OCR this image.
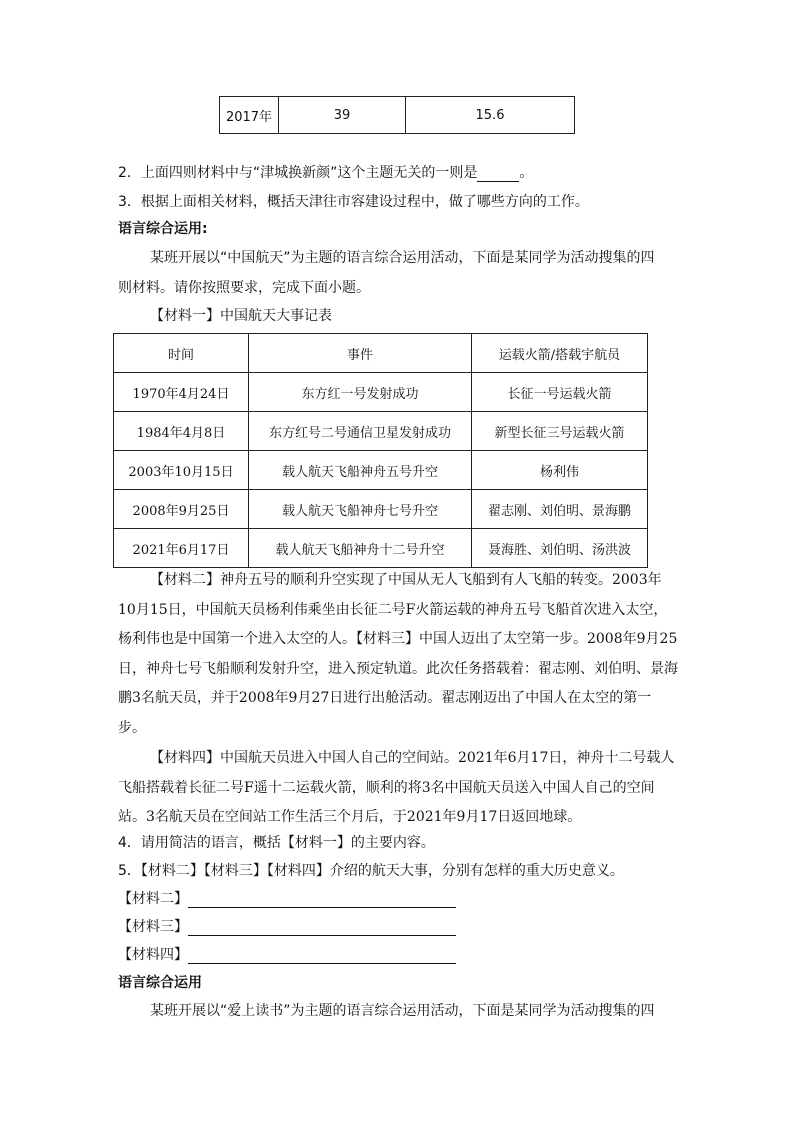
2017年	39	15.6
2．上面四则材料中与“津城换新颜”这个主题无关的一则是	。
3．根据上面相关材料，概括天津往市容建设过程中，做了哪些方向的工作。
语言综合运用:
某班开展以“中国航天”为主题的语言综合运用活动，下面是某同学为活动搜集的四
则材料。请你按照要求，完成下面小题。
【材料一】中国航天大事记表
时间	事件	运载火箭/搭载宇航员
1970年4月24日	东方红一号发射成功	长征一号运载火箭
1984年4月8日	东方红号二号通信卫星发射成功	新型长征三号运载火箭
2003年10月15日	载人航天飞船神舟五号升空	杨利伟
2008年9月25日	载人航天飞船神舟七号升空	翟志刚、刘伯明、景海鹏
2021年6月17日	载人航天飞船神舟十二号升空	聂海胜、刘伯明、汤洪波
【材料二】神舟五号的顺利升空实现了中国从无人飞船到有人飞船的转变。2003年10月15日，中国航天员杨利伟乘坐由长征二号F火箭运载的神舟五号飞船首次进入太空，杨利伟也是中国第一个进入太空的人。【材料三】中国人迈出了太空第一步。2008年9月25日，神舟七号飞船顺利发射升空，进入预定轨道。此次任务搭载着：翟志刚、刘伯明、景海鹏3名航天员，并于2008年9月27日进行出舱活动。翟志刚迈出了中国人在太空的第一步。
【材料四】中国航天员进入中国人自己的空间站。2021年6月17日，神舟十二号载人飞船搭载着长征二号F遥十二运载火箭，顺利的将3名中国航天员送入中国人自己的空间站。3名航天员在空间站工作生活三个月后，于2021年9月17日返回地球。
4．请用简洁的语言，概括【材料一】的主要内容。
5．【材料二】【材料三】【材料四】介绍的航天大事，分别有怎样的重大历史意义。
【材料二】
【材料三】
【材料四】
语言综合运用
某班开展以“爱上读书”为主题的语言综合运用活动，下面是某同学为活动搜集的四
